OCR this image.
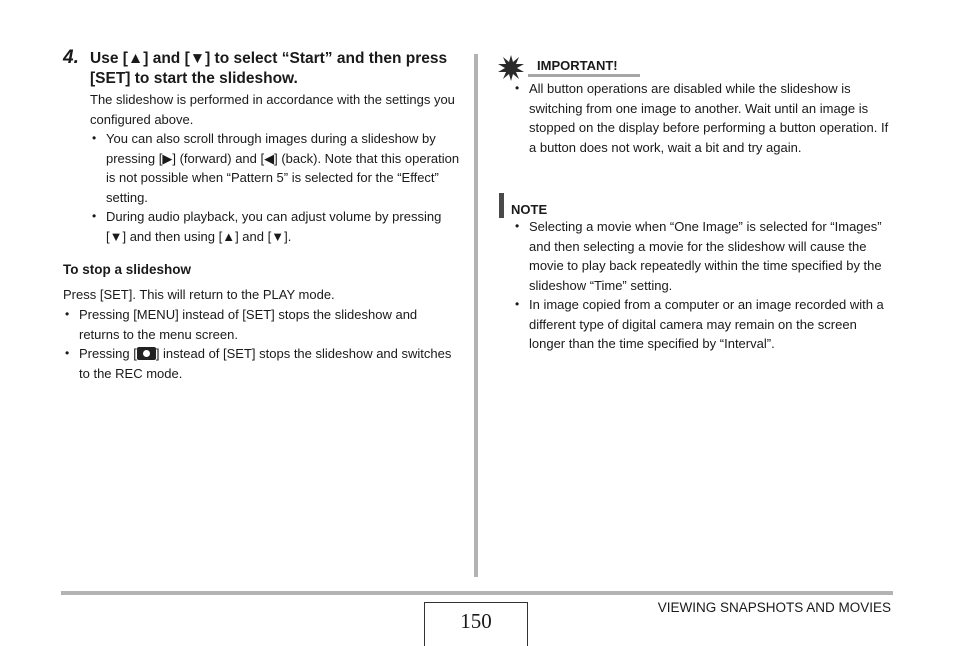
4. Use [▲] and [▼] to select “Start” and then press [SET] to start the slideshow.
The slideshow is performed in accordance with the settings you configured above.
• You can also scroll through images during a slideshow by pressing [▶] (forward) and [◀] (back). Note that this operation is not possible when “Pattern 5” is selected for the “Effect” setting.
• During audio playback, you can adjust volume by pressing [▼] and then using [▲] and [▼].
To stop a slideshow
Press [SET]. This will return to the PLAY mode.
• Pressing [MENU] instead of [SET] stops the slideshow and returns to the menu screen.
• Pressing [ ] instead of [SET] stops the slideshow and switches to the REC mode.
IMPORTANT!
• All button operations are disabled while the slideshow is switching from one image to another. Wait until an image is stopped on the display before performing a button operation. If a button does not work, wait a bit and try again.
NOTE
• Selecting a movie when “One Image” is selected for “Images” and then selecting a movie for the slideshow will cause the movie to play back repeatedly within the time specified by the slideshow “Time” setting.
• In image copied from a computer or an image recorded with a different type of digital camera may remain on the screen longer than the time specified by “Interval”.
150
VIEWING SNAPSHOTS AND MOVIES
